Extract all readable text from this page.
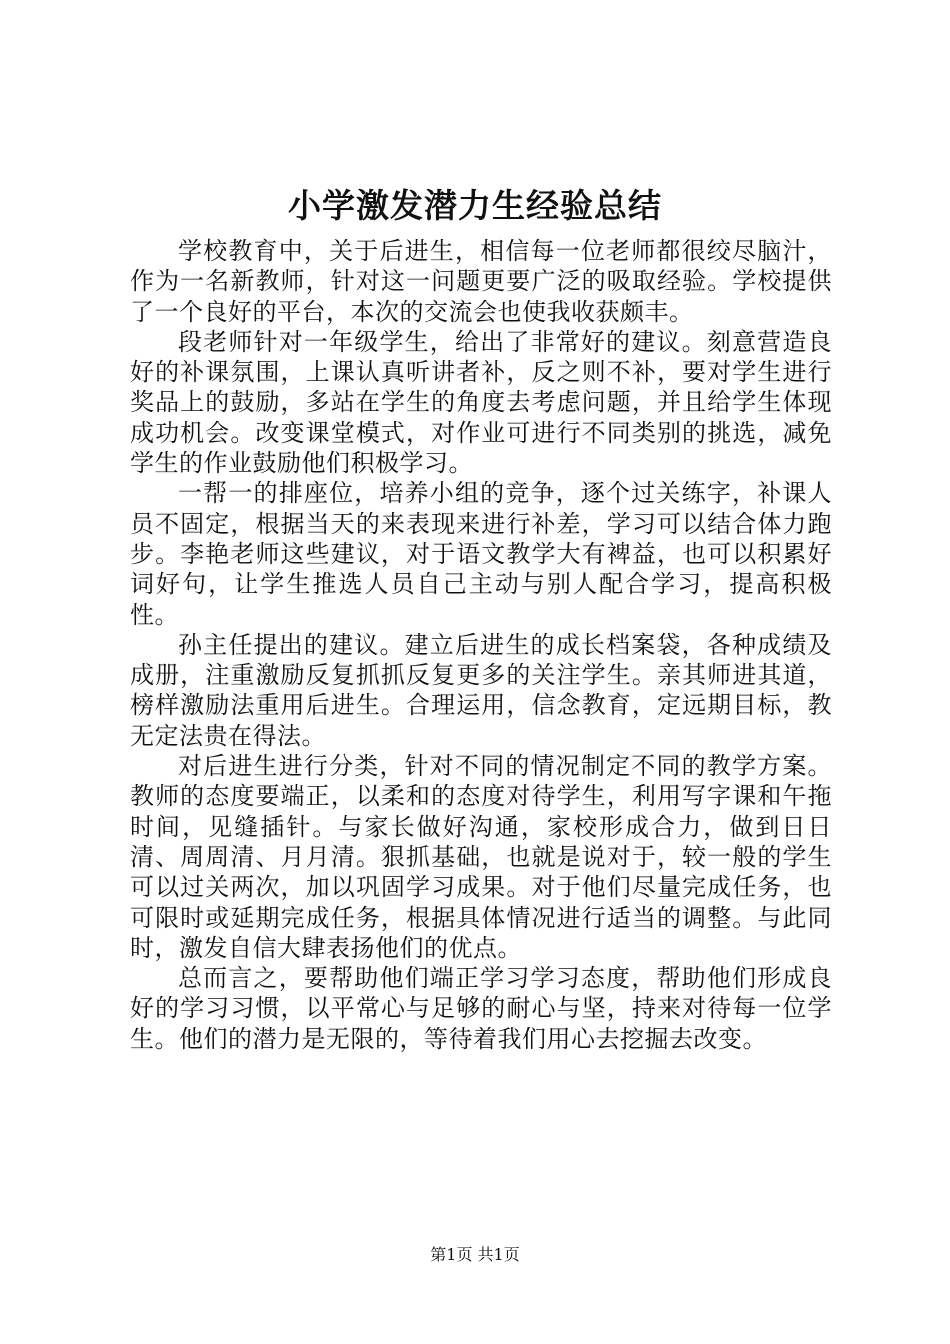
小学激发潜力生经验总结

学校教育中，关于后进生，相信每一位老师都很绞尽脑汁，作为一名新教师，针对这一问题更要广泛的吸取经验。学校提供了一个良好的平台，本次的交流会也使我收获颇丰。

段老师针对一年级学生，给出了非常好的建议。刻意营造良好的补课氛围，上课认真听讲者补，反之则不补，要对学生进行奖品上的鼓励，多站在学生的角度去考虑问题，并且给学生体现成功机会。改变课堂模式，对作业可进行不同类别的挑选，减免学生的作业鼓励他们积极学习。

一帮一的排座位，培养小组的竞争，逐个过关练字，补课人员不固定，根据当天的来表现来进行补差，学习可以结合体力跑步。李艳老师这些建议，对于语文教学大有裨益，也可以积累好词好句，让学生推选人员自己主动与别人配合学习，提高积极性。

孙主任提出的建议。建立后进生的成长档案袋，各种成绩及成册，注重激励反复抓抓反复更多的关注学生。亲其师进其道，榜样激励法重用后进生。合理运用，信念教育，定远期目标，教无定法贵在得法。

对后进生进行分类，针对不同的情况制定不同的教学方案。教师的态度要端正，以柔和的态度对待学生，利用写字课和午拖时间，见缝插针。与家长做好沟通，家校形成合力，做到日日清、周周清、月月清。狠抓基础，也就是说对于，较一般的学生可以过关两次，加以巩固学习成果。对于他们尽量完成任务，也可限时或延期完成任务，根据具体情况进行适当的调整。与此同时，激发自信大肆表扬他们的优点。

总而言之，要帮助他们端正学习学习态度，帮助他们形成良好的学习习惯，以平常心与足够的耐心与坚，持来对待每一位学生。他们的潜力是无限的，等待着我们用心去挖掘去改变。

第1页 共1页
